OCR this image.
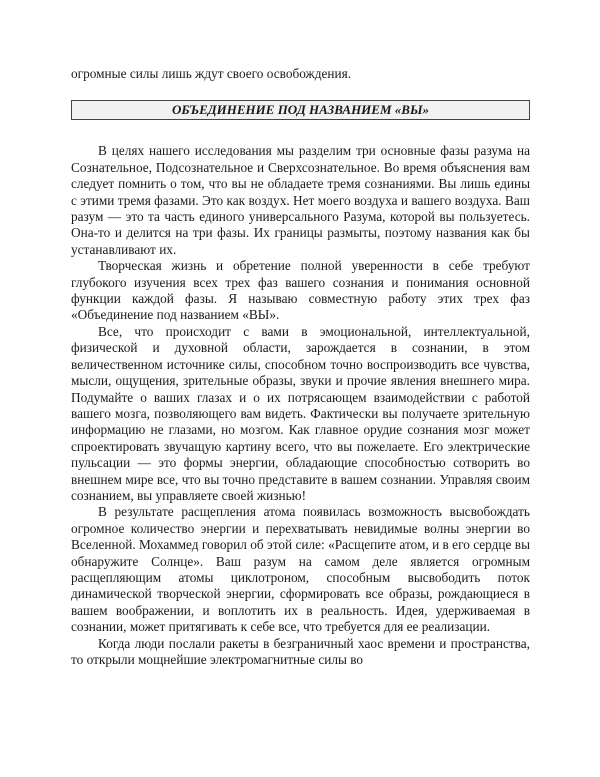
огромные силы лишь ждут своего освобождения.

ОБЪЕДИНЕНИЕ ПОД НАЗВАНИЕМ «ВЫ»

В целях нашего исследования мы разделим три основные фазы разума на Сознательное, Подсознательное и Сверхсознательное. Во время объяснения вам следует помнить о том, что вы не обладаете тремя сознаниями. Вы лишь едины с этими тремя фазами. Это как воздух. Нет моего воздуха и вашего воздуха. Ваш разум — это та часть единого универсального Разума, которой вы пользуетесь. Она-то и делится на три фазы. Их границы размыты, поэтому названия как бы устанавливают их.

Творческая жизнь и обретение полной уверенности в себе требуют глубокого изучения всех трех фаз вашего сознания и понимания основной функции каждой фазы. Я называю совместную работу этих трех фаз «Объединение под названием «ВЫ».

Все, что происходит с вами в эмоциональной, интеллектуальной, физической и духовной области, зарождается в сознании, в этом величественном источнике силы, способном точно воспроизводить все чувства, мысли, ощущения, зрительные образы, звуки и прочие явления внешнего мира. Подумайте о ваших глазах и о их потрясающем взаимодействии с работой вашего мозга, позволяющего вам видеть. Фактически вы получаете зрительную информацию не глазами, но мозгом. Как главное орудие сознания мозг может спроектировать звучащую картину всего, что вы пожелаете. Его электрические пульсации — это формы энергии, обладающие способностью сотворить во внешнем мире все, что вы точно представите в вашем сознании. Управляя своим сознанием, вы управляете своей жизнью!

В результате расщепления атома появилась возможность высвобождать огромное количество энергии и перехватывать невидимые волны энергии во Вселенной. Мохаммед говорил об этой силе: «Расщепите атом, и в его сердце вы обнаружите Солнце». Ваш разум на самом деле является огромным расщепляющим атомы циклотроном, способным высвободить поток динамической творческой энергии, сформировать все образы, рождающиеся в вашем воображении, и воплотить их в реальность. Идея, удерживаемая в сознании, может притягивать к себе все, что требуется для ее реализации.

Когда люди послали ракеты в безграничный хаос времени и пространства, то открыли мощнейшие электромагнитные силы во
